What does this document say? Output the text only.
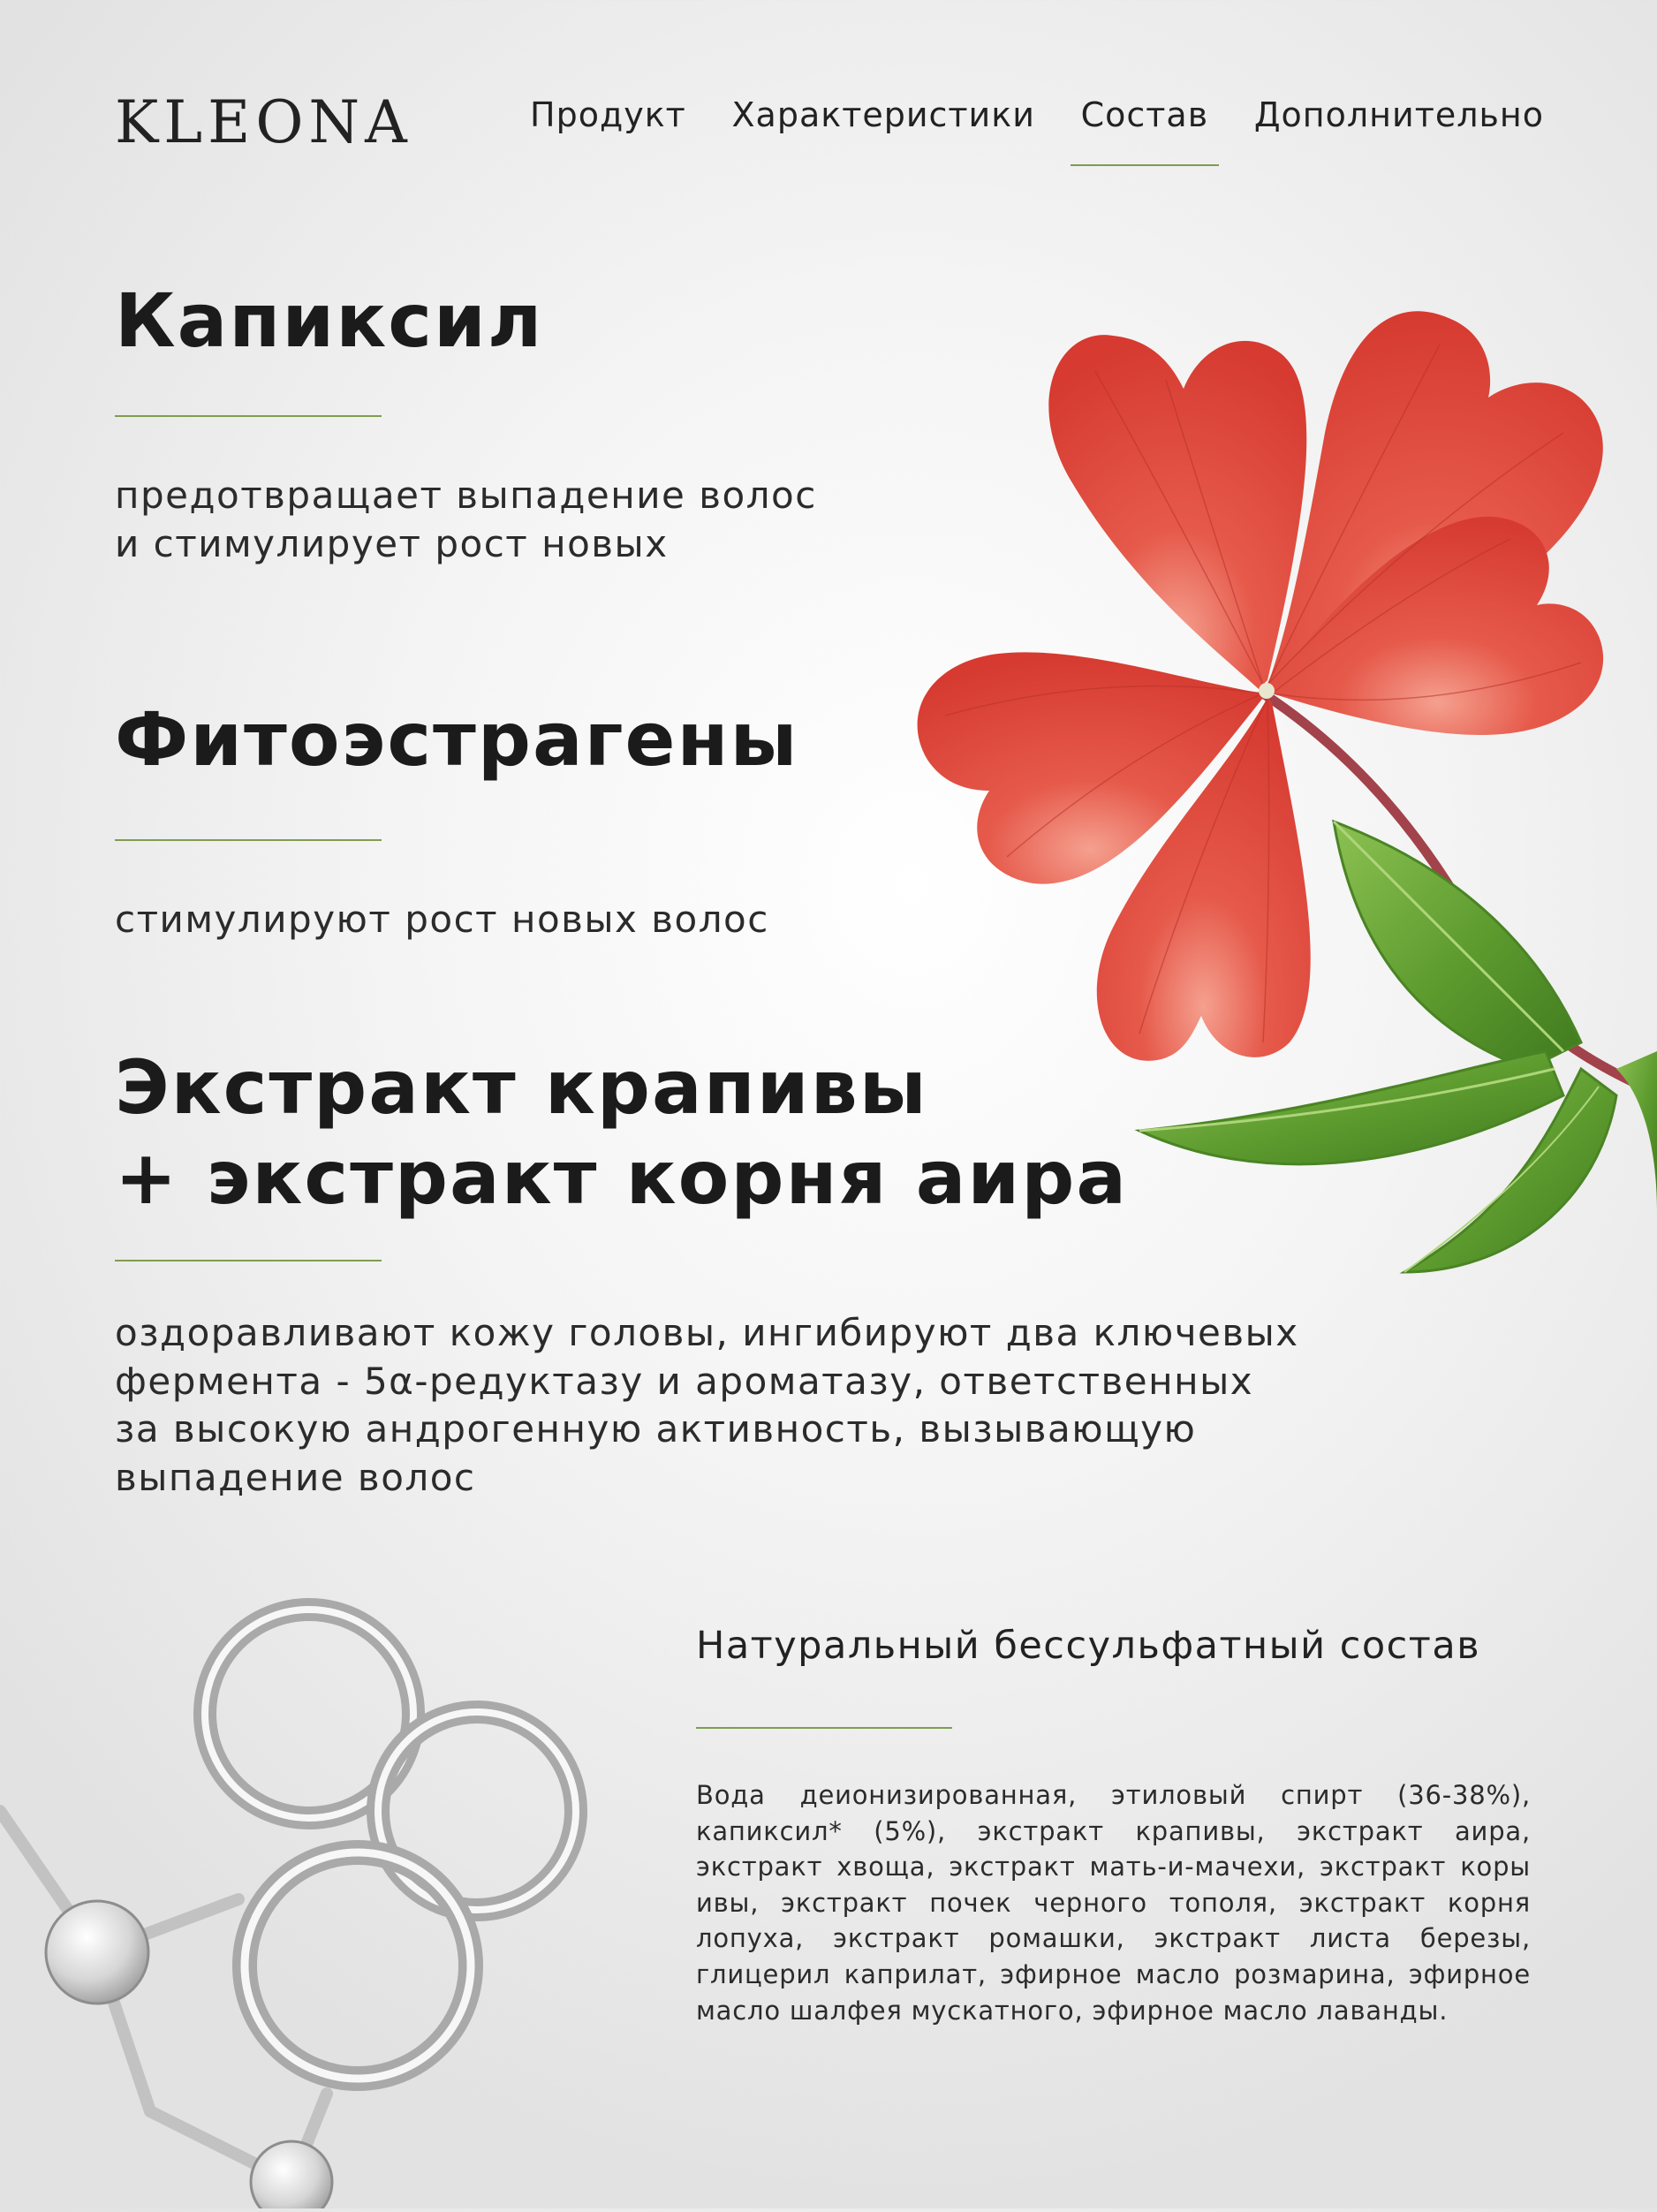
KLEONA	Продукт Характеристики Состав Дополнительно
Капиксил

предотвращает выпадение волос
и стимулирует рост новых

Фитоэстрагены

стимулируют рост новых волос

Экстракт крапивы
+ экстракт корня аира

оздоравливают кожу головы, ингибируют два ключевых
фермента - 5α-редуктазу и ароматазу, ответственных
за высокую андрогенную активность, вызывающую
выпадение волос

Натуральный бессульфатный состав

Вода деионизированная, этиловый спирт (36-38%), капиксил* (5%), экстракт крапивы, экстракт аира, экстракт хвоща, экстракт мать-и-мачехи, экстракт коры ивы, экстракт почек черного тополя, экстракт корня лопуха, экстракт ромашки, экстракт листа березы, глицерил каприлат, эфирное масло розмарина, эфирное масло шалфея мускатного, эфирное масло лаванды.
